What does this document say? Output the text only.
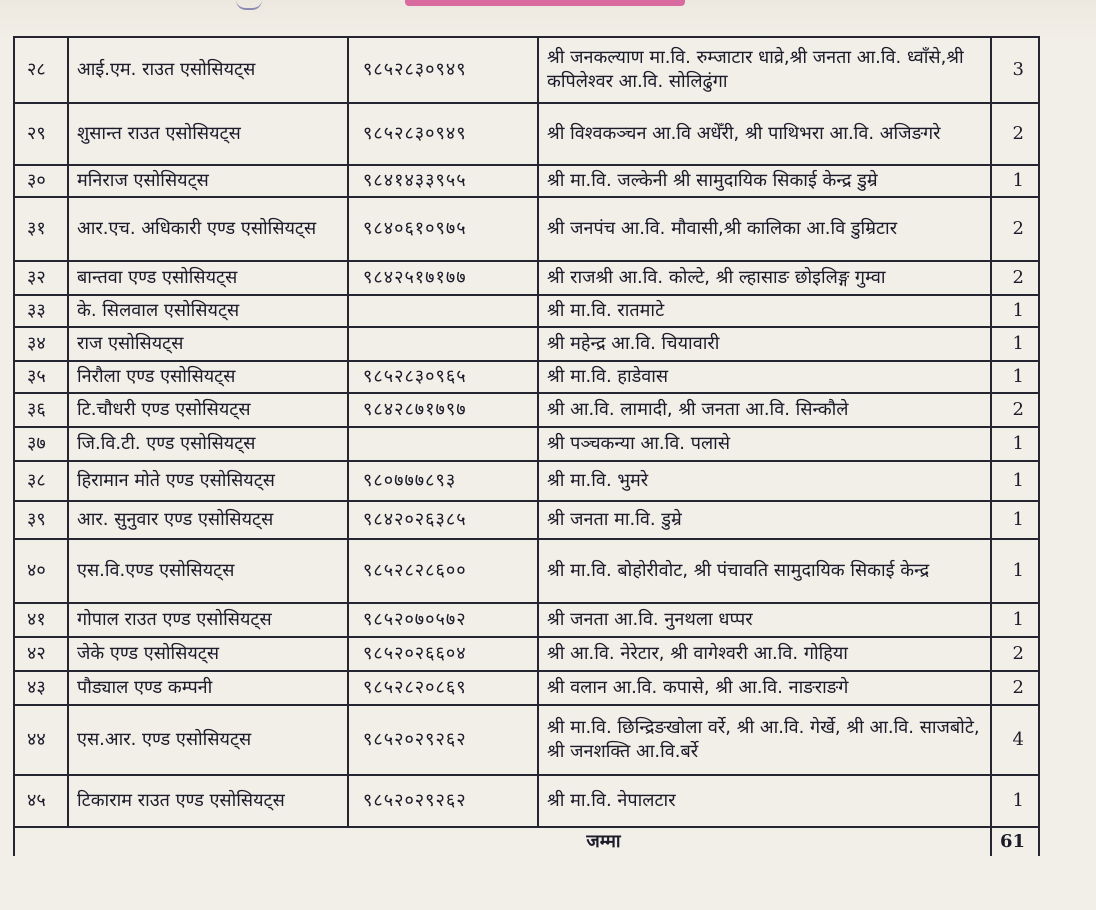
२८	आई.एम. राउत एसोसियट्स	९८५२८३०९४९	श्री जनकल्याण मा.वि. रुम्जाटार धाव्रे,श्री जनता आ.वि. ध्वाँसे,श्री कपिलेश्वर आ.वि. सोलिढुंगा	3
२९	शुसान्त राउत एसोसियट्स	९८५२८३०९४९	श्री विश्वकञ्चन आ.वि अधेँरी, श्री पाथिभरा आ.वि. अजिङगरे	2
३०	मनिराज एसोसियट्स	९८४१४३३९५५	श्री मा.वि. जल्केनी श्री सामुदायिक सिकाई केन्द्र डुम्रे	1
३१	आर.एच. अधिकारी एण्ड एसोसियट्स	९८४०६१०९७५	श्री जनपंच आ.वि. मौवासी,श्री कालिका आ.वि डुम्रिटार	2
३२	बान्तवा एण्ड एसोसियट्स	९८४२५१७१७७	श्री राजश्री आ.वि. कोल्टे, श्री ल्हासाङ छोइलिङ्ग गुम्वा	2
३३	के. सिलवाल एसोसियट्स		श्री मा.वि. रातमाटे	1
३४	राज एसोसियट्स		श्री महेन्द्र आ.वि. चियावारी	1
३५	निरौला एण्ड एसोसियट्स	९८५२८३०९६५	श्री मा.वि. हाडेवास	1
३६	टि.चौधरी एण्ड एसोसियट्स	९८४२८७१७९७	श्री आ.वि. लामादी, श्री जनता आ.वि. सिन्कौले	2
३७	जि.वि.टी. एण्ड एसोसियट्स		श्री पञ्चकन्या आ.वि. पलासे	1
३८	हिरामान मोते एण्ड एसोसियट्स	९८०७७७८९३	श्री मा.वि. भुमरे	1
३९	आर. सुनुवार एण्ड एसोसियट्स	९८४२०२६३८५	श्री जनता मा.वि. डुम्रे	1
४०	एस.वि.एण्ड एसोसियट्स	९८५२८२८६००	श्री मा.वि. बोहोरीवोट, श्री पंचावति सामुदायिक सिकाई केन्द्र	1
४१	गोपाल राउत एण्ड एसोसियट्स	९८५२०७०५७२	श्री जनता आ.वि. नुनथला धप्पर	1
४२	जेके एण्ड एसोसियट्स	९८५२०२६६०४	श्री आ.वि. नेरेटार, श्री वागेश्वरी आ.वि. गोहिया	2
४३	पौड्याल एण्ड कम्पनी	९८५२८२०८६९	श्री वलान आ.वि. कपासे, श्री आ.वि. नाङराङगे	2
४४	एस.आर. एण्ड एसोसियट्स	९८५२०२९२६२	श्री मा.वि. छिन्द्रिङखोला वर्रे, श्री आ.वि. गेर्खे, श्री आ.वि. साजबोटे, श्री जनशक्ति आ.वि.बर्रे	4
४५	टिकाराम राउत एण्ड एसोसियट्स	९८५२०२९२६२	श्री मा.वि. नेपालटार	1
जम्मा				61
